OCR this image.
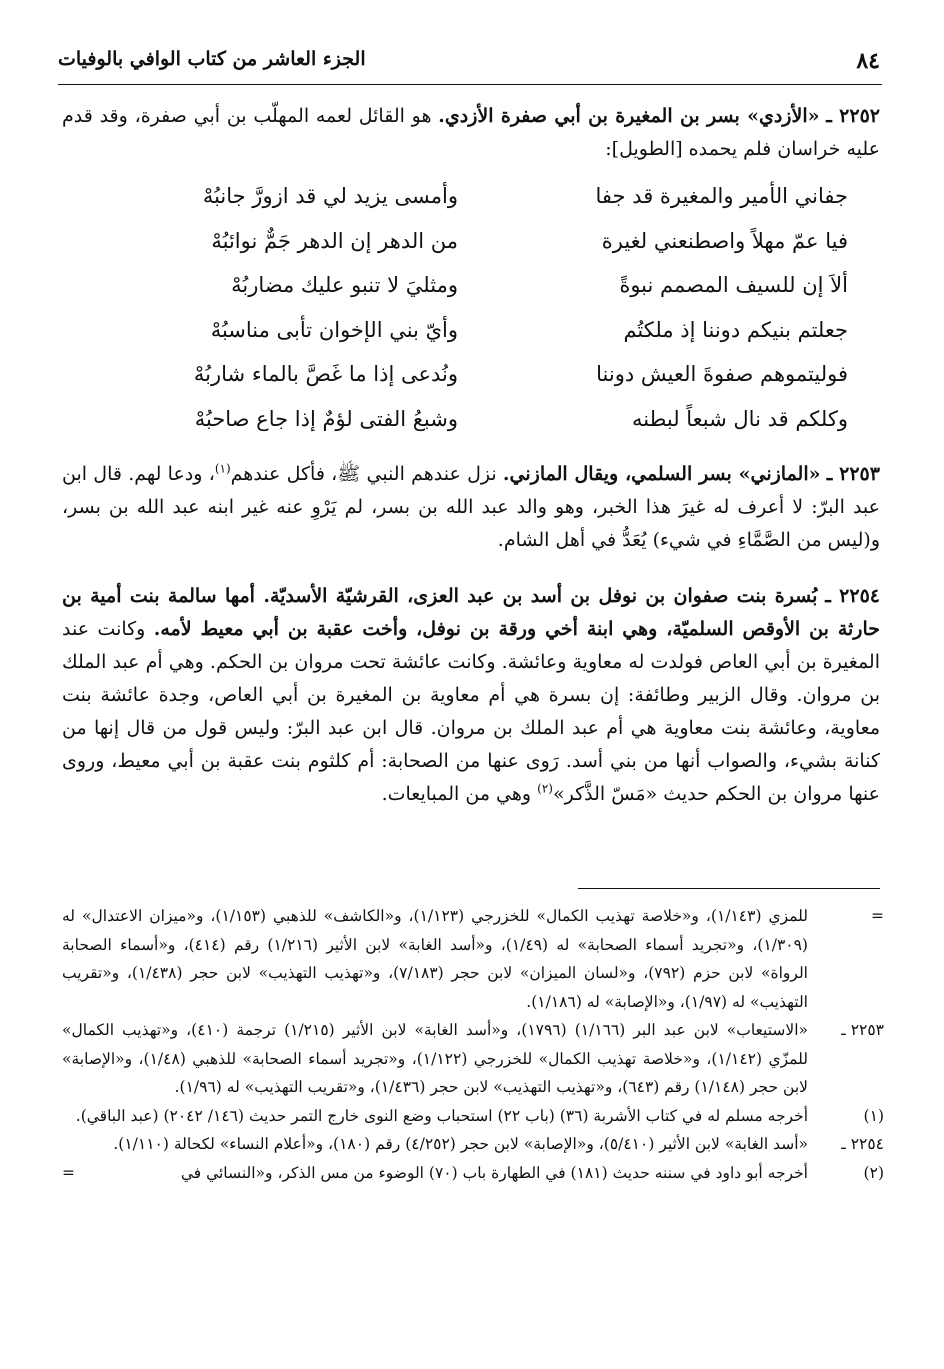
٨٤
الجزء العاشر من كتاب الوافي بالوفيات
٢٢٥٢ ـ «الأزدي» بسر بن المغيرة بن أبي صفرة الأزدي. هو القائل لعمه المهلّب بن أبي صفرة، وقد قدم عليه خراسان فلم يحمده [الطويل]:
جفاني الأمير والمغيرة قد جفا
وأمسى يزيد لي قد ازورَّ جانبُهْ
فيا عمّ مهلاً واصطنعني لغيرة
من الدهر إن الدهر جَمٌّ نوائبُهْ
ألاَ إن للسيف المصمم نبوةً
ومثليَ لا تنبو عليك مضاربُهْ
جعلتم بنيكم دوننا إذ ملكتُم
وأيّ بني الإخوان تأبى مناسبُهْ
فوليتموهم صفوةَ العيش دوننا
ونُدعى إذا ما غَصَّ بالماء شاربُهْ
وكلكم قد نال شبعاً لبطنه
وشبعُ الفتى لؤمٌ إذا جاع صاحبُهْ
٢٢٥٣ ـ «المازني» بسر السلمي، ويقال المازني. نزل عندهم النبي ﷺ، فأكل عندهم$^{(١)}$، ودعا لهم. قال ابن عبد البرّ: لا أعرف له غيرَ هذا الخبر، وهو والد عبد الله بن بسر، لم يَرْوِ عنه غير ابنه عبد الله بن بسر، و(ليس من الصَّمَّاءِ في شيء) يُعَدُّ في أهل الشام.
٢٢٥٤ ـ بُسرة بنت صفوان بن نوفل بن أسد بن عبد العزى، القرشيّة الأسديّة. أمها سالمة بنت أمية بن حارثة بن الأوقص السلميّة، وهي ابنة أخي ورقة بن نوفل، وأخت عقبة بن أبي معيط لأمه. وكانت عند المغيرة بن أبي العاص فولدت له معاوية وعائشة. وكانت عائشة تحت مروان بن الحكم. وهي أم عبد الملك بن مروان. وقال الزبير وطائفة: إن بسرة هي أم معاوية بن المغيرة بن أبي العاص، وجدة عائشة بنت معاوية، وعائشة بنت معاوية هي أم عبد الملك بن مروان. قال ابن عبد البرّ: وليس قول من قال إنها من كنانة بشيء، والصواب أنها من بني أسد. رَوى عنها من الصحابة: أم كلثوم بنت عقبة بن أبي معيط، وروى عنها مروان بن الحكم حديث «مَسّ الذَّكر»$^{(٢)}$ وهي من المبايعات.
=
للمزي (١/١٤٣)، و«خلاصة تهذيب الكمال» للخزرجي (١/١٢٣)، و«الكاشف» للذهبي (١/١٥٣)، و«ميزان الاعتدال» له (١/٣٠٩)، و«تجريد أسماء الصحابة» له (١/٤٩)، و«أسد الغابة» لابن الأثير (١/٢١٦) رقم (٤١٤)، و«أسماء الصحابة الرواة» لابن حزم (٧٩٢)، و«لسان الميزان» لابن حجر (٧/١٨٣)، و«تهذيب التهذيب» لابن حجر (١/٤٣٨)، و«تقريب التهذيب» له (١/٩٧)، و«الإصابة» له (١/١٨٦).
٢٢٥٣ ـ
«الاستيعاب» لابن عبد البر (١/١٦٦) (١٧٩٦)، و«أسد الغابة» لابن الأثير (١/٢١٥) ترجمة (٤١٠)، و«تهذيب الكمال» للمزّي (١/١٤٢)، و«خلاصة تهذيب الكمال» للخزرجي (١/١٢٢)، و«تجريد أسماء الصحابة» للذهبي (١/٤٨)، و«الإصابة» لابن حجر (١/١٤٨) رقم (٦٤٣)، و«تهذيب التهذيب» لابن حجر (١/٤٣٦)، و«تقريب التهذيب» له (١/٩٦).
(١)
أخرجه مسلم له في كتاب الأشربة (٣٦) (باب ٢٢) استحباب وضع النوى خارج التمر حديث (١٤٦/ ٢٠٤٢) (عبد الباقي).
٢٢٥٤ ـ
«أسد الغابة» لابن الأثير (٥/٤١٠)، و«الإصابة» لابن حجر (٤/٢٥٢) رقم (١٨٠)، و«أعلام النساء» لكحالة (١/١١٠).
(٢)
أخرجه أبو داود في سننه حديث (١٨١) في الطهارة باب (٧٠) الوضوء من مس الذكر، و«النسائي في
=
